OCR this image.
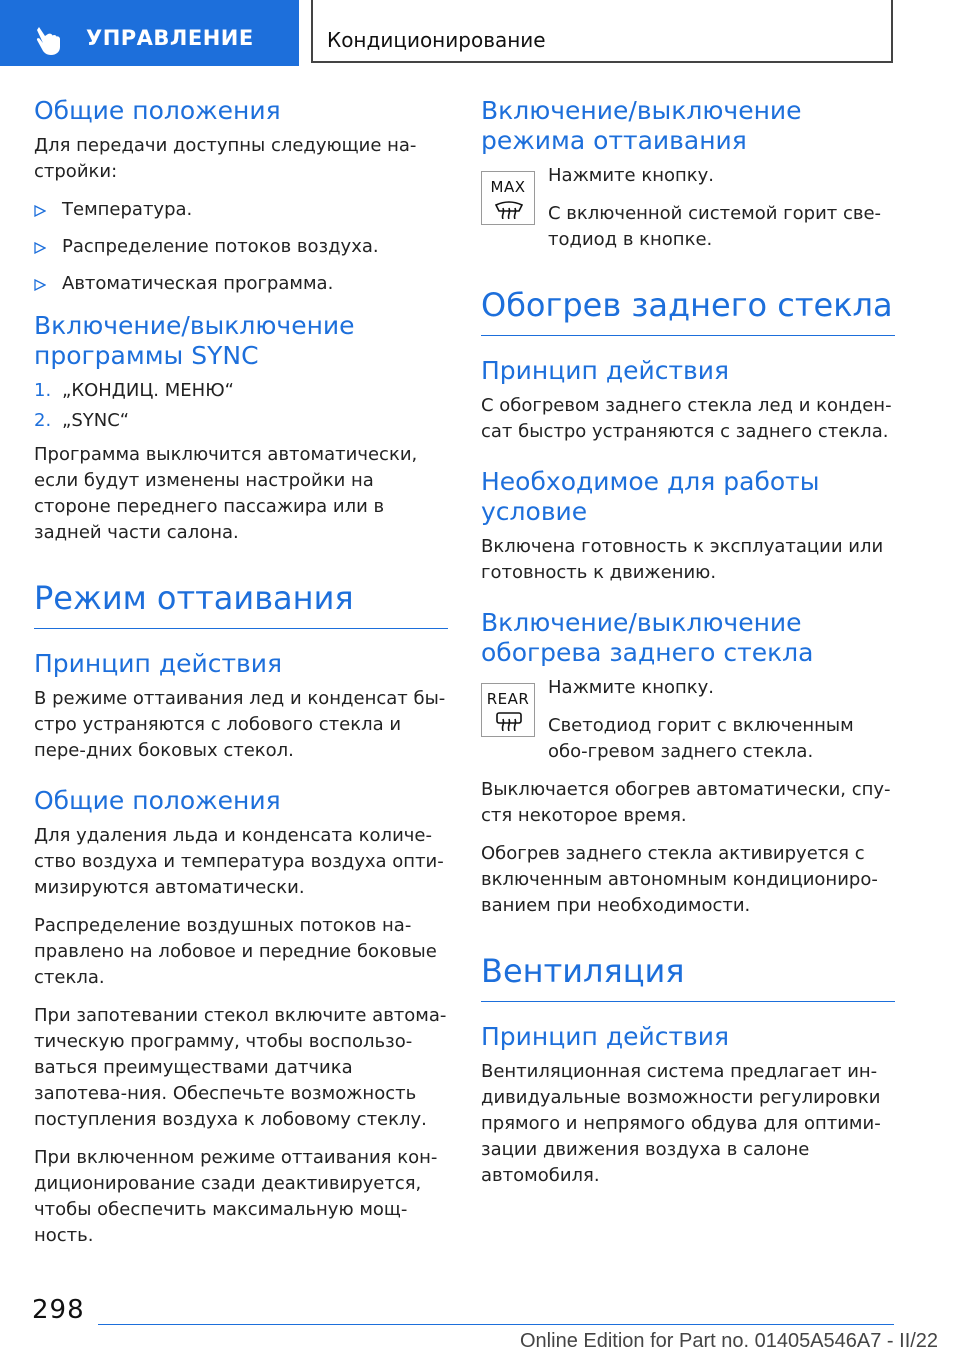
УПРАВЛЕНИЕ	Кондиционирование
Общие положения

Для передачи доступны следующие на-стройки:

Температура.
Распределение потоков воздуха.
Автоматическая программа.
Включение/выключение программы SYNC
1. „КОНДИЦ. МЕНЮ“
2. „SYNC“

Программа выключится автоматически, если будут изменены настройки на стороне переднего пассажира или в задней части салона.

Режим оттаивания
Принцип действия

В режиме оттаивания лед и конденсат бы-стро устраняются с лобового стекла и пере-дних боковых стекол.

Общие положения

Для удаления льда и конденсата количе-ство воздуха и температура воздуха опти-мизируются автоматически.

Распределение воздушных потоков на-правлено на лобовое и передние боковые стекла.

При запотевании стекол включите автома-тическую программу, чтобы воспользо-ваться преимуществами датчика запотева-ния. Обеспечьте возможность поступления воздуха к лобовому стеклу.

При включенном режиме оттаивания кон-диционирование сзади деактивируется, чтобы обеспечить максимальную мощ-ность.

Включение/выключение режима оттаивания
MAX

Нажмите кнопку.

С включенной системой горит све-тодиод в кнопке.

Обогрев заднего стекла
Принцип действия

С обогревом заднего стекла лед и конден-сат быстро устраняются с заднего стекла.

Необходимое для работы условие

Включена готовность к эксплуатации или готовность к движению.

Включение/выключение обогрева заднего стекла
REAR

Нажмите кнопку.

Светодиод горит с включенным обо-гревом заднего стекла.

Выключается обогрев автоматически, спу-стя некоторое время.

Обогрев заднего стекла активируется с включенным автономным кондициониро-ванием при необходимости.

Вентиляция
Принцип действия

Вентиляционная система предлагает ин-дивидуальные возможности регулировки прямого и непрямого обдува для оптими-зации движения воздуха в салоне автомобиля.

298
Online Edition for Part no. 01405A546A7 - II/22
